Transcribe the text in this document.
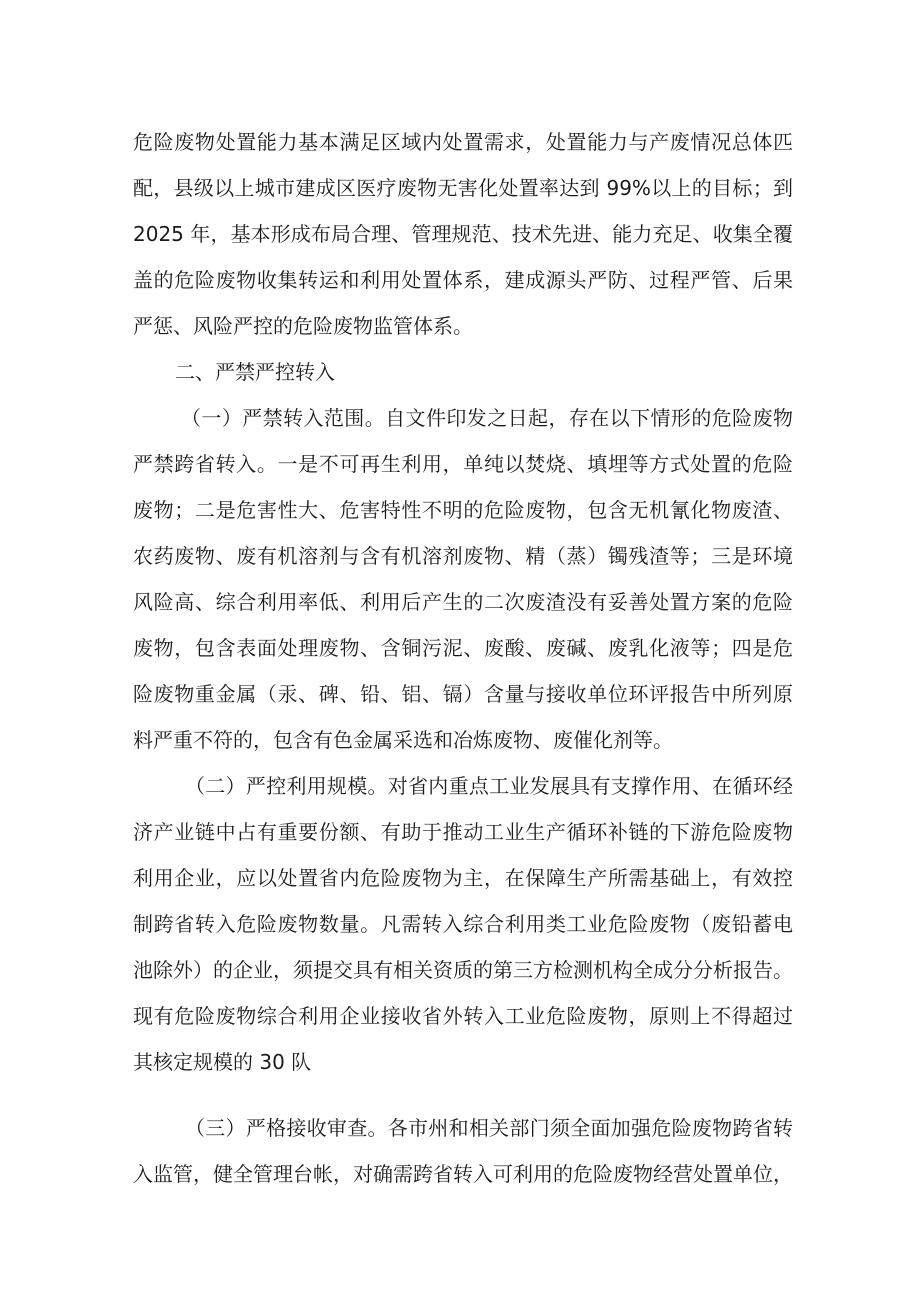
危险废物处置能力基本满足区域内处置需求，处置能力与产废情况总体匹
配，县级以上城市建成区医疗废物无害化处置率达到 99%以上的目标；到
2025 年，基本形成布局合理、管理规范、技术先进、能力充足、收集全覆
盖的危险废物收集转运和利用处置体系，建成源头严防、过程严管、后果
严惩、风险严控的危险废物监管体系。
二、严禁严控转入
（一）严禁转入范围。自文件印发之日起，存在以下情形的危险废物
严禁跨省转入。一是不可再生利用，单纯以焚烧、填埋等方式处置的危险
废物；二是危害性大、危害特性不明的危险废物，包含无机氰化物废渣、
农药废物、废有机溶剂与含有机溶剂废物、精（蒸）镯残渣等；三是环境
风险高、综合利用率低、利用后产生的二次废渣没有妥善处置方案的危险
废物，包含表面处理废物、含铜污泥、废酸、废碱、废乳化液等；四是危
险废物重金属（汞、碑、铅、铝、镉）含量与接收单位环评报告中所列原
料严重不符的，包含有色金属采选和冶炼废物、废催化剂等。
（二）严控利用规模。对省内重点工业发展具有支撑作用、在循环经
济产业链中占有重要份额、有助于推动工业生产循环补链的下游危险废物
利用企业，应以处置省内危险废物为主，在保障生产所需基础上，有效控
制跨省转入危险废物数量。凡需转入综合利用类工业危险废物（废铅蓄电
池除外）的企业，须提交具有相关资质的第三方检测机构全成分分析报告。
现有危险废物综合利用企业接收省外转入工业危险废物，原则上不得超过
其核定规模的 30 队
（三）严格接收审查。各市州和相关部门须全面加强危险废物跨省转
入监管，健全管理台帐，对确需跨省转入可利用的危险废物经营处置单位，
